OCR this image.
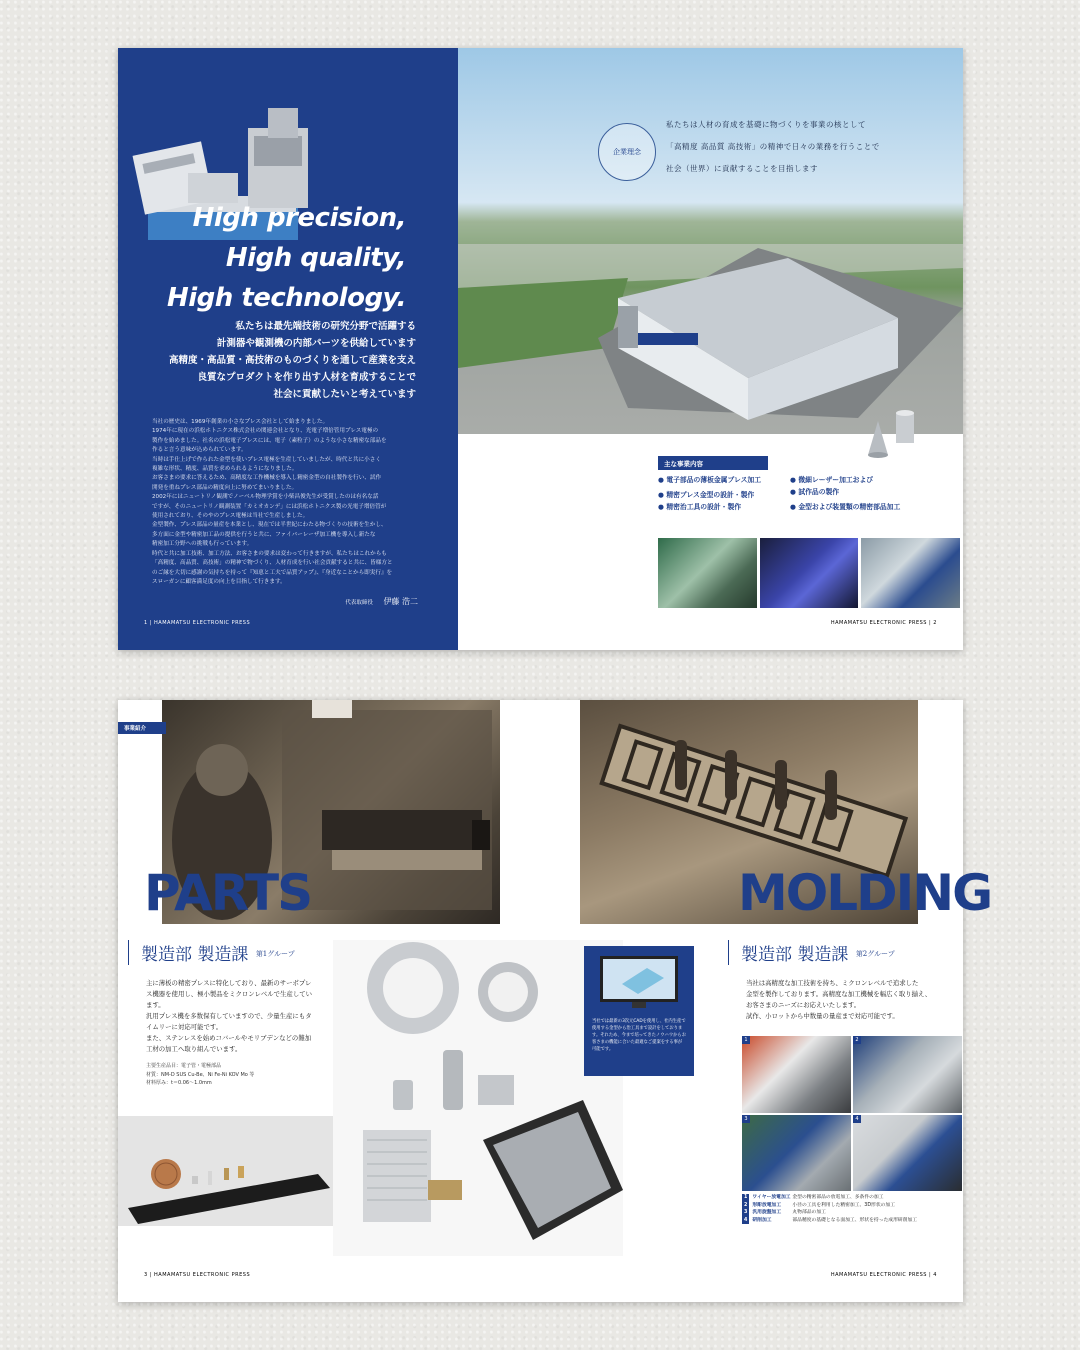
High precision,
High quality,
High technology.
私たちは最先端技術の研究分野で活躍する
計測器や観測機の内部パーツを供給しています
高精度・高品質・高技術のものづくりを通して産業を支え
良質なプロダクトを作り出す人材を育成することで
社会に貢献したいと考えています
当社の歴史は、1969年創業の小さなプレス会社として始まりました。
1974年に現在の浜松ホトニクス株式会社の関連会社となり、光電子増倍管用プレス電極の
製作を始めました。社名の浜松電子プレスには、電子（素粒子）のような小さな精密な部品を
作ると言う意味が込められています。
当時は手仕上げで作られた金型を使いプレス電極を生産していましたが、時代と共に小さく
複雑な形状、精度、品質を求められるようになりました。
お客さまの要求に答えるため、高精度な工作機械を導入し精密金型の自社製作を行い、試作
開発を重ねプレス部品の精度向上に努めてまいりました。
2002年にはニュートリノ観測でノーベル物理学賞を小柴昌俊先生が受賞したのは有名な話
ですが、そのニュートリノ観測装置「カミオカンデ」には浜松ホトニクス製の光電子増倍管が
使用されており、そのやのプレス電極は当社で生産しました。
金型製作、プレス部品の量産を本業とし、現在では半世紀にわたる物づくりの技術を生かし、
多方面に金型や精密加工品の提供を行うと共に、ファイバーレーザ加工機を導入し新たな
精密加工分野への挑戦も行っています。
時代と共に加工技術、加工方法、お客さまの要求は変わって行きますが、私たちはこれからも
「高精度、高品質、高技術」の精神で物づくり、人材育成を行い社会貢献すると共に、皆様方と
のご縁を大切に感謝の気持ちを持って『知恵と工夫で品質アップ』、『身近なことから即実行』を
スローガンに顧客満足度の向上を目指して行きます。
代表取締役 伊藤 浩二
1 | HAMAMATSU ELECTRONIC PRESS
企業理念
私たちは人材の育成を基礎に物づくりを事業の核として
「高精度 高品質 高技術」の精神で日々の業務を行うことで
社会（世界）に貢献することを目指します
主な事業内容
● 電子部品の薄板金属プレス加工	● 微細レーザー加工および
● 精密プレス金型の設計・製作	● 試作品の製作
● 精密治工具の設計・製作	● 金型および装置類の精密部品加工
HAMAMATSU ELECTRONIC PRESS | 2
事業紹介
PARTS	MOLDING
製造部 製造課 $^{第1グループ}$
主に薄板の精密プレスに特化しており、最新のサーボプレ
ス機器を使用し、極小製品をミクロンレベルで生産してい
ます。
汎用プレス機を多数保有していますので、少量生産にもタ
イムリーに対応可能です。
また、ステンレスを始めコバールやモリブデンなどの難加
工材の加工へ取り組んでいます。
主要生産品目：電子管・電極部品
材質：NM-D SUS Cu-Be、Ni Fe-Ni KOV Mo 等
材料厚み：t＝0.06～1.0mm
当社では最新の3次元CADを使用し、社内生産で使用する金型から治工具まで設計をしております。それため、今まで培ってきたノウハウからお客さまの機能に合いた最適なご提案をする事が可能です。
製造部 製造課 $^{第2グループ}$
当社は高精度な加工技術を持ち、ミクロンレベルで追求した
金型を製作しております。高精度な加工機械を幅広く取り揃え、
お客さまのニーズにお応えいたします。
試作、小ロットから中数量の量産まで対応可能です。
1	2
3	4
1	ワイヤー放電加工 金型の精密部品の放電加工、多条件の加工
2	形彫放電加工	小径の工具を利用した精密加工、3D形状の加工
3	汎用旋盤加工	丸物部品の加工
4	研削加工	部品精度の基礎となる面加工、形状を持った成形研削加工
3 | HAMAMATSU ELECTRONIC PRESS	HAMAMATSU ELECTRONIC PRESS | 4
